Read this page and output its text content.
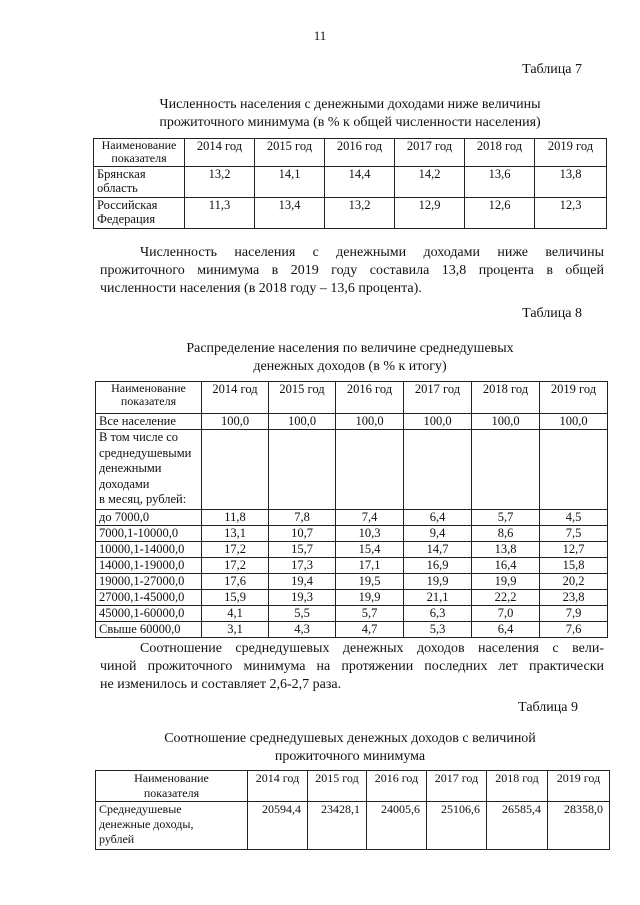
11
Таблица 7
Численность населения с денежными доходами ниже величины
прожиточного минимума (в % к общей численности населения)
Наименование
показателя	2014 год	2015 год	2016 год	2017 год	2018 год	2019 год

Брянская
область	13,2	14,1	14,4	14,2	13,6	13,8

Российская
Федерация	11,3	13,4	13,2	12,9	12,6	12,3
Численность населения с денежными доходами ниже величины
прожиточного минимума в 2019 году составила 13,8 процента в общей
численности населения (в 2018 году – 13,6 процента).
Таблица 8
Распределение населения по величине среднедушевых
денежных доходов (в % к итогу)
Наименование
показателя	2014 год	2015 год	2016 год	2017 год	2018 год	2019 год
Все население	100,0	100,0	100,0	100,0	100,0	100,0

В том числе со
среднедушевыми
денежными
доходами
в месяц, рублей:						

до 7000,0	11,8	7,8	7,4	6,4	5,7	4,5
7000,1-10000,0	13,1	10,7	10,3	9,4	8,6	7,5
10000,1-14000,0	17,2	15,7	15,4	14,7	13,8	12,7
14000,1-19000,0	17,2	17,3	17,1	16,9	16,4	15,8
19000,1-27000,0	17,6	19,4	19,5	19,9	19,9	20,2
27000,1-45000,0	15,9	19,3	19,9	21,1	22,2	23,8
45000,1-60000,0	4,1	5,5	5,7	6,3	7,0	7,9
Свыше 60000,0	3,1	4,3	4,7	5,3	6,4	7,6
Соотношение среднедушевых денежных доходов населения с вели-
чиной прожиточного минимума на протяжении последних лет практически
не изменилось и составляет 2,6-2,7 раза.
Таблица 9
Соотношение среднедушевых денежных доходов с величиной
прожиточного минимума
Наименование
показателя	2014 год	2015 год	2016 год	2017 год	2018 год	2019 год

Среднедушевые
денежные доходы,
рублей	20594,4	23428,1	24005,6	25106,6	26585,4	28358,0
